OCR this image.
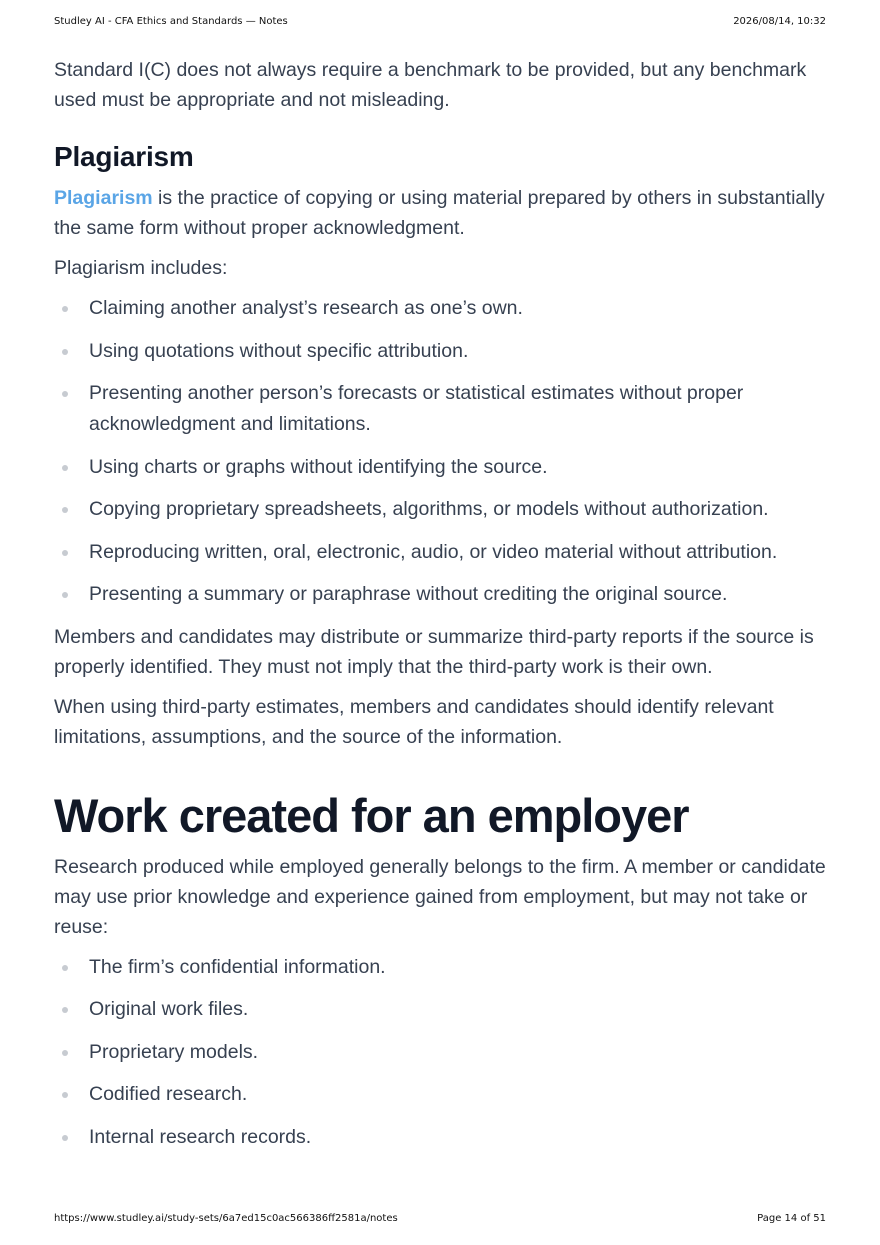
Studley AI - CFA Ethics and Standards — Notes	2026/08/14, 10:32

Standard I(C) does not always require a benchmark to be provided, but any benchmark used must be appropriate and not misleading.

Plagiarism

Plagiarism is the practice of copying or using material prepared by others in substantially the same form without proper acknowledgment.

Plagiarism includes:

Claiming another analyst’s research as one’s own.
Using quotations without specific attribution.
Presenting another person’s forecasts or statistical estimates without proper acknowledgment and limitations.
Using charts or graphs without identifying the source.
Copying proprietary spreadsheets, algorithms, or models without authorization.
Reproducing written, oral, electronic, audio, or video material without attribution.
Presenting a summary or paraphrase without crediting the original source.

Members and candidates may distribute or summarize third-party reports if the source is properly identified. They must not imply that the third-party work is their own.

When using third-party estimates, members and candidates should identify relevant limitations, assumptions, and the source of the information.

Work created for an employer

Research produced while employed generally belongs to the firm. A member or candidate may use prior knowledge and experience gained from employment, but may not take or reuse:

The firm’s confidential information.
Original work files.
Proprietary models.
Codified research.
Internal research records.
https://www.studley.ai/study-sets/6a7ed15c0ac566386ff2581a/notes	Page 14 of 51
